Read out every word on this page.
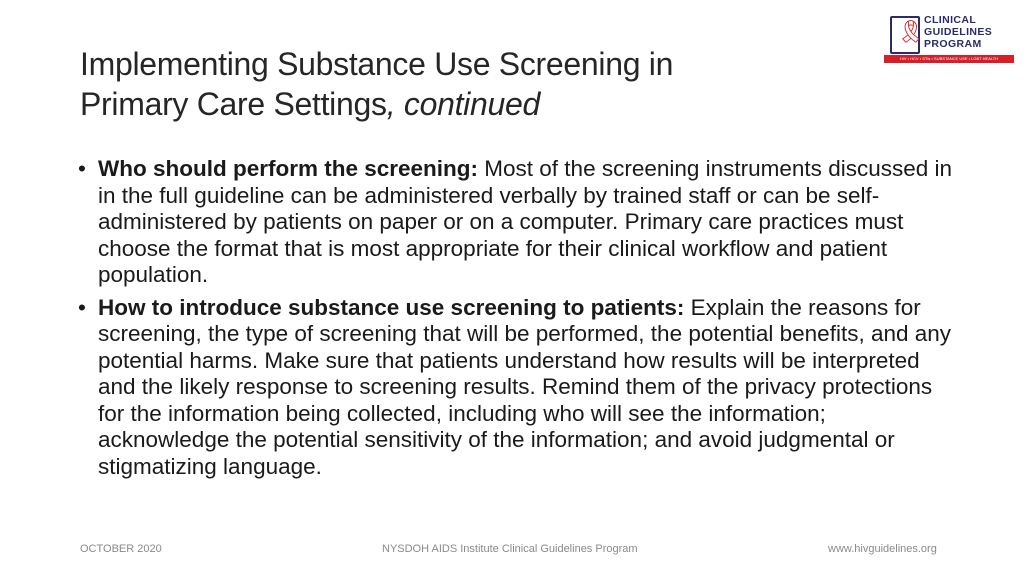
🎗 CLINICAL
GUIDELINES
PROGRAM
HIV • HCV • STIs • SUBSTANCE USE • LGBT HEALTH
Implementing Substance Use Screening in
Primary Care Settings, continued
• Who should perform the screening: Most of the screening instruments discussed in in the full guideline can be administered verbally by trained staff or can be self-administered by patients on paper or on a computer. Primary care practices must choose the format that is most appropriate for their clinical workflow and patient population.
• How to introduce substance use screening to patients: Explain the reasons for screening, the type of screening that will be performed, the potential benefits, and any potential harms. Make sure that patients understand how results will be interpreted and the likely response to screening results. Remind them of the privacy protections for the information being collected, including who will see the information; acknowledge the potential sensitivity of the information; and avoid judgmental or stigmatizing language.
OCTOBER 2020	NYSDOH AIDS Institute Clinical Guidelines Program	www.hivguidelines.org
